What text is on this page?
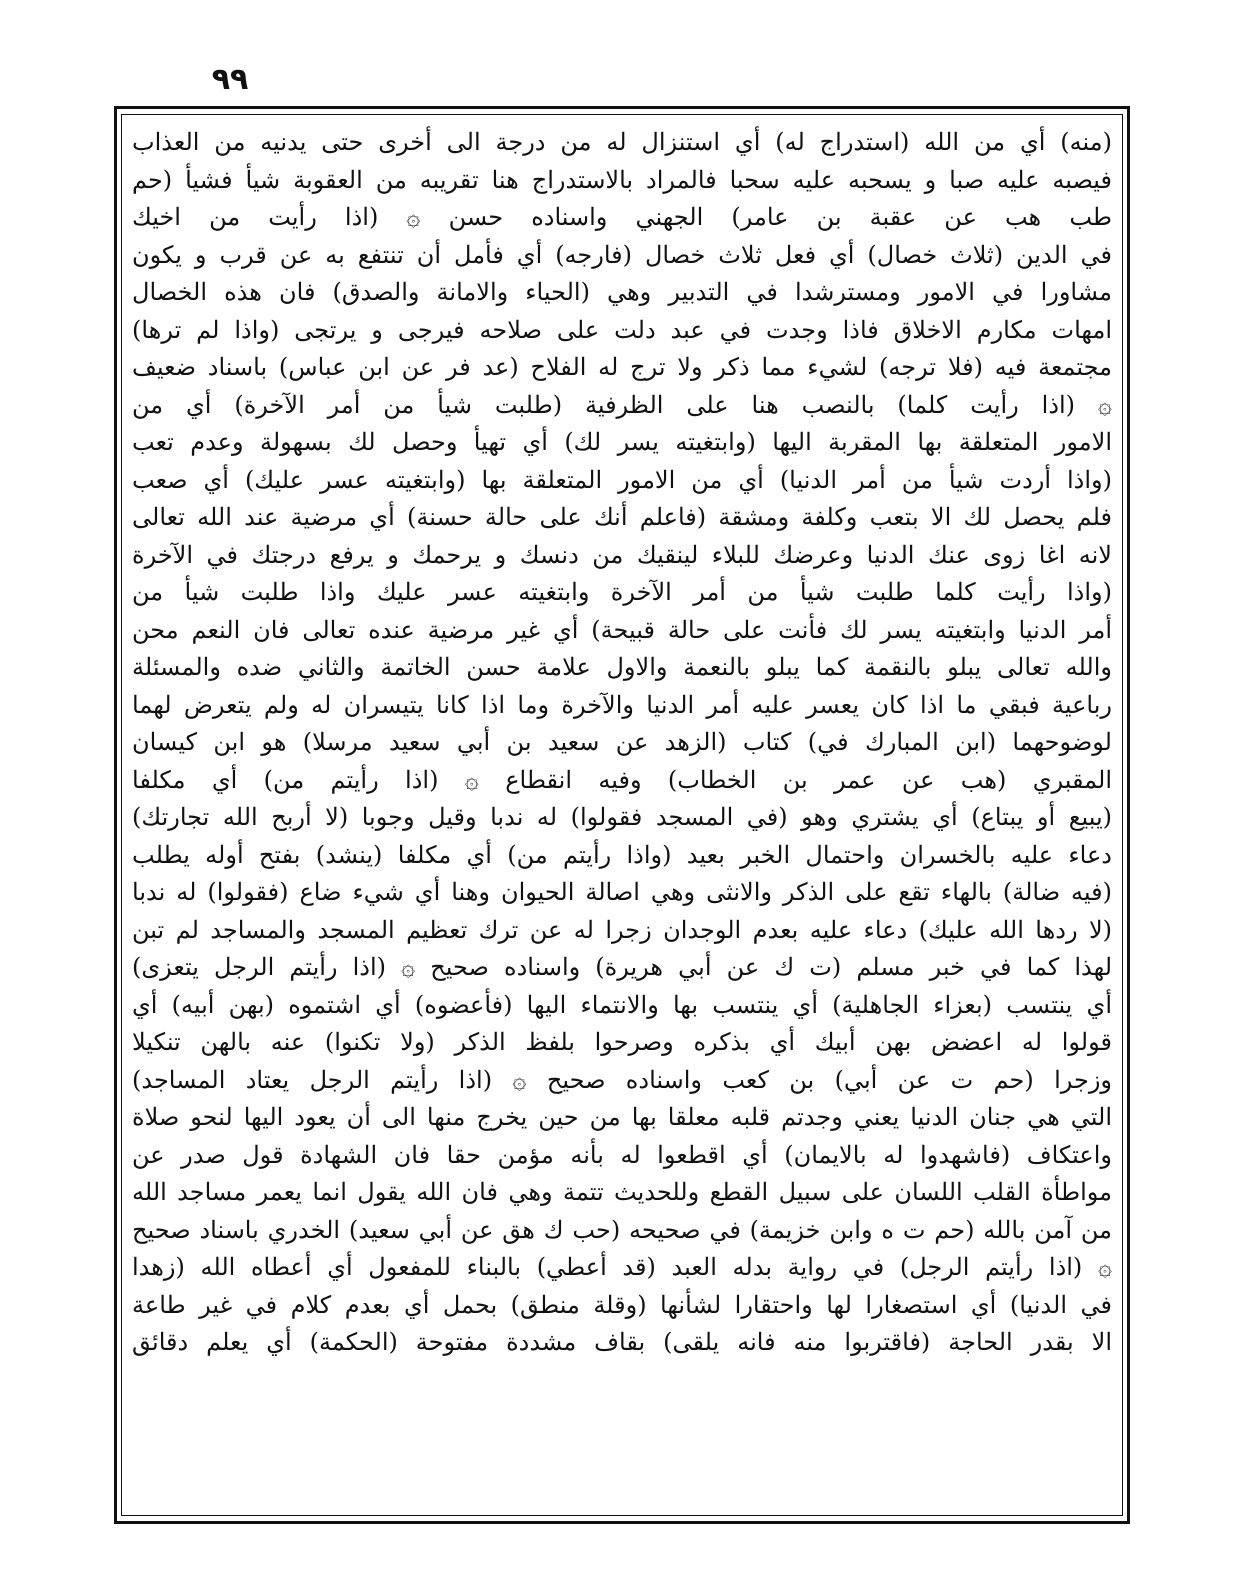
٩٩
(منه) أي من الله (استدراج له) أي استنزال له من درجة الى أخرى حتى يدنيه من العذاب
فيصبه عليه صبا و يسحبه عليه سحبا فالمراد بالاستدراج هنا تقريبه من العقوبة شيأ فشيأ (حم
طب هب عن عقبة بن عامر) الجهني واسناده حسن ۞ (اذا رأيت من اخيك
في الدين (ثلاث خصال) أي فعل ثلاث خصال (فارجه) أي فأمل أن تنتفع به عن قرب و يكون
مشاورا في الامور ومسترشدا في التدبير وهي (الحياء والامانة والصدق) فان هذه الخصال
امهات مكارم الاخلاق فاذا وجدت في عبد دلت على صلاحه فيرجى و يرتجى (واذا لم ترها)
مجتمعة فيه (فلا ترجه) لشيء مما ذكر ولا ترج له الفلاح (عد فر عن ابن عباس) باسناد ضعيف
۞ (اذا رأيت كلما) بالنصب هنا على الظرفية (طلبت شيأ من أمر الآخرة) أي من
الامور المتعلقة بها المقربة اليها (وابتغيته يسر لك) أي تهيأ وحصل لك بسهولة وعدم تعب
(واذا أردت شيأ من أمر الدنيا) أي من الامور المتعلقة بها (وابتغيته عسر عليك) أي صعب
فلم يحصل لك الا بتعب وكلفة ومشقة (فاعلم أنك على حالة حسنة) أي مرضية عند الله تعالى
لانه اغا زوى عنك الدنيا وعرضك للبلاء لينقيك من دنسك و يرحمك و يرفع درجتك في الآخرة
(واذا رأيت كلما طلبت شيأ من أمر الآخرة وابتغيته عسر عليك واذا طلبت شيأ من
أمر الدنيا وابتغيته يسر لك فأنت على حالة قبيحة) أي غير مرضية عنده تعالى فان النعم محن
والله تعالى يبلو بالنقمة كما يبلو بالنعمة والاول علامة حسن الخاتمة والثاني ضده والمسئلة
رباعية فبقي ما اذا كان يعسر عليه أمر الدنيا والآخرة وما اذا كانا يتيسران له ولم يتعرض لهما
لوضوحهما (ابن المبارك في) كتاب (الزهد عن سعيد بن أبي سعيد مرسلا) هو ابن كيسان
المقبري (هب عن عمر بن الخطاب) وفيه انقطاع ۞ (اذا رأيتم من) أي مكلفا
(يبيع أو يبتاع) أي يشتري وهو (في المسجد فقولوا) له ندبا وقيل وجوبا (لا أربح الله تجارتك)
دعاء عليه بالخسران واحتمال الخبر بعيد (واذا رأيتم من) أي مكلفا (ينشد) بفتح أوله يطلب
(فيه ضالة) بالهاء تقع على الذكر والانثى وهي اصالة الحيوان وهنا أي شيء ضاع (فقولوا) له ندبا
(لا ردها الله عليك) دعاء عليه بعدم الوجدان زجرا له عن ترك تعظيم المسجد والمساجد لم تبن
لهذا كما في خبر مسلم (ت ك عن أبي هريرة) واسناده صحيح ۞ (اذا رأيتم الرجل يتعزى)
أي ينتسب (بعزاء الجاهلية) أي ينتسب بها والانتماء اليها (فأعضوه) أي اشتموه (بهن أبيه) أي
قولوا له اعضض بهن أبيك أي بذكره وصرحوا بلفظ الذكر (ولا تكنوا) عنه بالهن تنكيلا
وزجرا (حم ت عن أبي) بن كعب واسناده صحيح ۞ (اذا رأيتم الرجل يعتاد المساجد)
التي هي جنان الدنيا يعني وجدتم قلبه معلقا بها من حين يخرج منها الى أن يعود اليها لنحو صلاة
واعتكاف (فاشهدوا له بالايمان) أي اقطعوا له بأنه مؤمن حقا فان الشهادة قول صدر عن
مواطأة القلب اللسان على سبيل القطع وللحديث تتمة وهي فان الله يقول انما يعمر مساجد الله
من آمن بالله (حم ت ه وابن خزيمة) في صحيحه (حب ك هق عن أبي سعيد) الخدري باسناد صحيح
۞ (اذا رأيتم الرجل) في رواية بدله العبد (قد أعطي) بالبناء للمفعول أي أعطاه الله (زهدا
في الدنيا) أي استصغارا لها واحتقارا لشأنها (وقلة منطق) بحمل أي بعدم كلام في غير طاعة
الا بقدر الحاجة (فاقتربوا منه فانه يلقى) بقاف مشددة مفتوحة (الحكمة) أي يعلم دقائق
